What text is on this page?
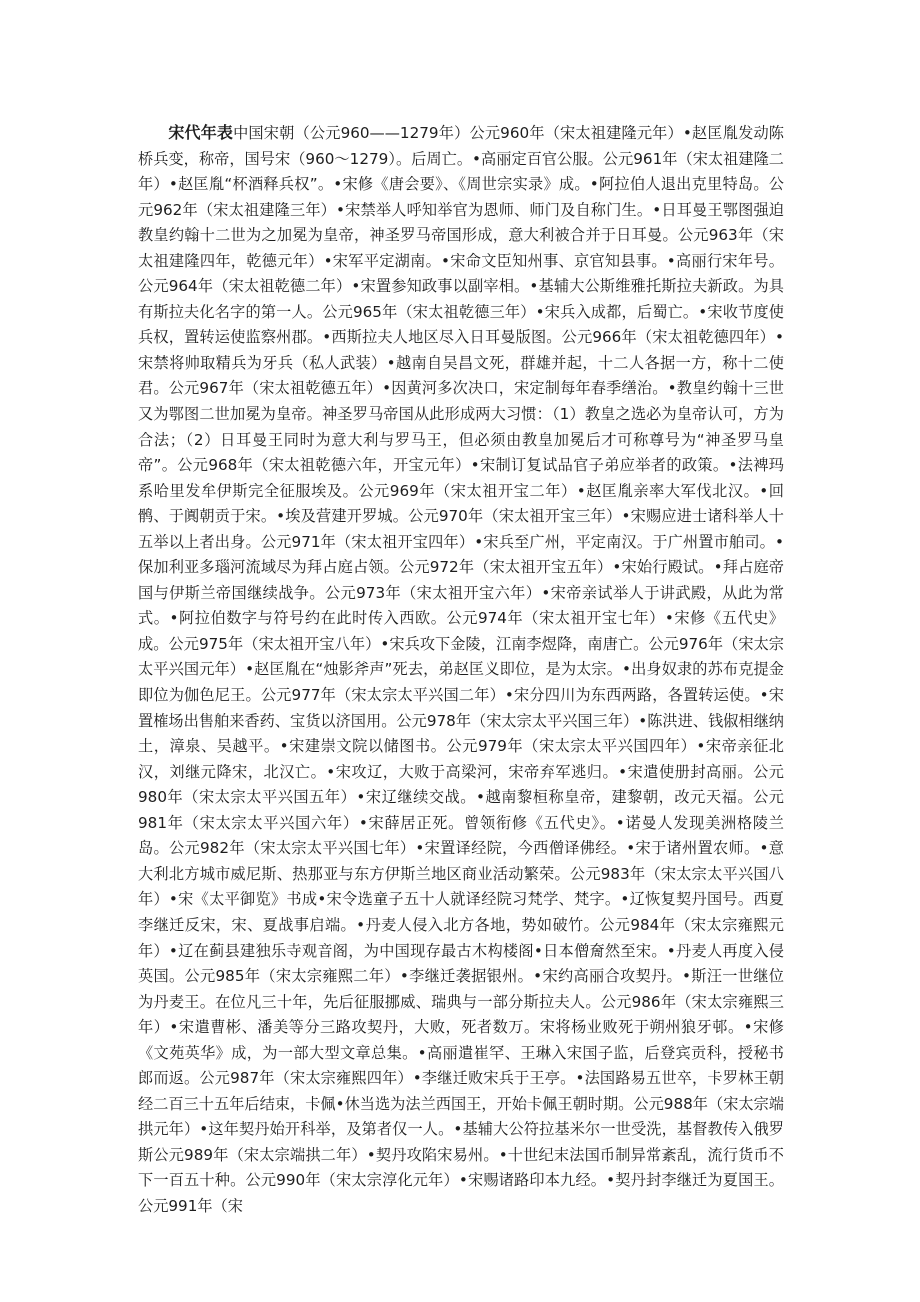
宋代年表中国宋朝（公元960——1279年）公元960年（宋太祖建隆元年）•赵匡胤发动陈桥兵变，称帝，国号宋（960～1279）。后周亡。•高丽定百官公服。公元961年（宋太祖建隆二年）•赵匡胤“杯酒释兵权”。•宋修《唐会要》、《周世宗实录》成。•阿拉伯人退出克里特岛。公元962年（宋太祖建隆三年）•宋禁举人呼知举官为恩师、师门及自称门生。•日耳曼王鄂图强迫教皇约翰十二世为之加冕为皇帝，神圣罗马帝国形成，意大利被合并于日耳曼。公元963年（宋太祖建隆四年，乾德元年）•宋军平定湖南。•宋命文臣知州事、京官知县事。•高丽行宋年号。公元964年（宋太祖乾德二年）•宋置参知政事以副宰相。•基辅大公斯维雅托斯拉夫新政。为具有斯拉夫化名字的第一人。公元965年（宋太祖乾德三年）•宋兵入成都，后蜀亡。•宋收节度使兵权，置转运使监察州郡。•西斯拉夫人地区尽入日耳曼版图。公元966年（宋太祖乾德四年）•宋禁将帅取精兵为牙兵（私人武装）•越南自吴昌文死，群雄并起，十二人各据一方，称十二使君。公元967年（宋太祖乾德五年）•因黄河多次决口，宋定制每年春季缮治。•教皇约翰十三世又为鄂图二世加冕为皇帝。神圣罗马帝国从此形成两大习惯：（1）教皇之选必为皇帝认可，方为合法；（2）日耳曼王同时为意大利与罗马王，但必须由教皇加冕后才可称尊号为“神圣罗马皇帝”。公元968年（宋太祖乾德六年，开宝元年）•宋制订复试品官子弟应举者的政策。•法裨玛系哈里发牟伊斯完全征服埃及。公元969年（宋太祖开宝二年）•赵匡胤亲率大军伐北汉。•回鹘、于阗朝贡于宋。•埃及营建开罗城。公元970年（宋太祖开宝三年）•宋赐应进士诸科举人十五举以上者出身。公元971年（宋太祖开宝四年）•宋兵至广州，平定南汉。于广州置市舶司。•保加利亚多瑙河流域尽为拜占庭占领。公元972年（宋太祖开宝五年）•宋始行殿试。•拜占庭帝国与伊斯兰帝国继续战争。公元973年（宋太祖开宝六年）•宋帝亲试举人于讲武殿，从此为常式。•阿拉伯数字与符号约在此时传入西欧。公元974年（宋太祖开宝七年）•宋修《五代史》成。公元975年（宋太祖开宝八年）•宋兵攻下金陵，江南李煜降，南唐亡。公元976年（宋太宗太平兴国元年）•赵匡胤在“烛影斧声”死去，弟赵匡义即位，是为太宗。•出身奴隶的苏布克提金即位为伽色尼王。公元977年（宋太宗太平兴国二年）•宋分四川为东西两路，各置转运使。•宋置榷场出售舶来香药、宝货以济国用。公元978年（宋太宗太平兴国三年）•陈洪进、钱俶相继纳土，漳泉、吴越平。•宋建崇文院以储图书。公元979年（宋太宗太平兴国四年）•宋帝亲征北汉，刘继元降宋，北汉亡。•宋攻辽，大败于高梁河，宋帝弃军逃归。•宋遣使册封高丽。公元980年（宋太宗太平兴国五年）•宋辽继续交战。•越南黎桓称皇帝，建黎朝，改元天福。公元981年（宋太宗太平兴国六年）•宋薛居正死。曾领衔修《五代史》。•诺曼人发现美洲格陵兰岛。公元982年（宋太宗太平兴国七年）•宋置译经院，今西僧译佛经。•宋于诸州置农师。•意大利北方城市威尼斯、热那亚与东方伊斯兰地区商业活动繁荣。公元983年（宋太宗太平兴国八年）•宋《太平御览》书成•宋令选童子五十人就译经院习梵学、梵字。•辽恢复契丹国号。西夏李继迁反宋，宋、夏战事启端。•丹麦人侵入北方各地，势如破竹。公元984年（宋太宗雍熙元年）•辽在蓟县建独乐寺观音阁，为中国现存最古木构楼阁•日本僧奝然至宋。•丹麦人再度入侵英国。公元985年（宋太宗雍熙二年）•李继迁袭据银州。•宋约高丽合攻契丹。•斯汪一世继位为丹麦王。在位凡三十年，先后征服挪威、瑞典与一部分斯拉夫人。公元986年（宋太宗雍熙三年）•宋遣曹彬、潘美等分三路攻契丹，大败，死者数万。宋将杨业败死于朔州狼牙邨。•宋修《文苑英华》成，为一部大型文章总集。•高丽遣崔罕、王琳入宋国子监，后登宾贡科，授秘书郎而返。公元987年（宋太宗雍熙四年）•李继迁败宋兵于王亭。•法国路易五世卒，卡罗林王朝经二百三十五年后结束，卡佩•休当选为法兰西国王，开始卡佩王朝时期。公元988年（宋太宗端拱元年）•这年契丹始开科举，及第者仅一人。•基辅大公符拉基米尔一世受洗，基督教传入俄罗斯公元989年（宋太宗端拱二年）•契丹攻陷宋易州。•十世纪末法国币制异常紊乱，流行货币不下一百五十种。公元990年（宋太宗淳化元年）•宋赐诸路印本九经。•契丹封李继迁为夏国王。公元991年（宋
